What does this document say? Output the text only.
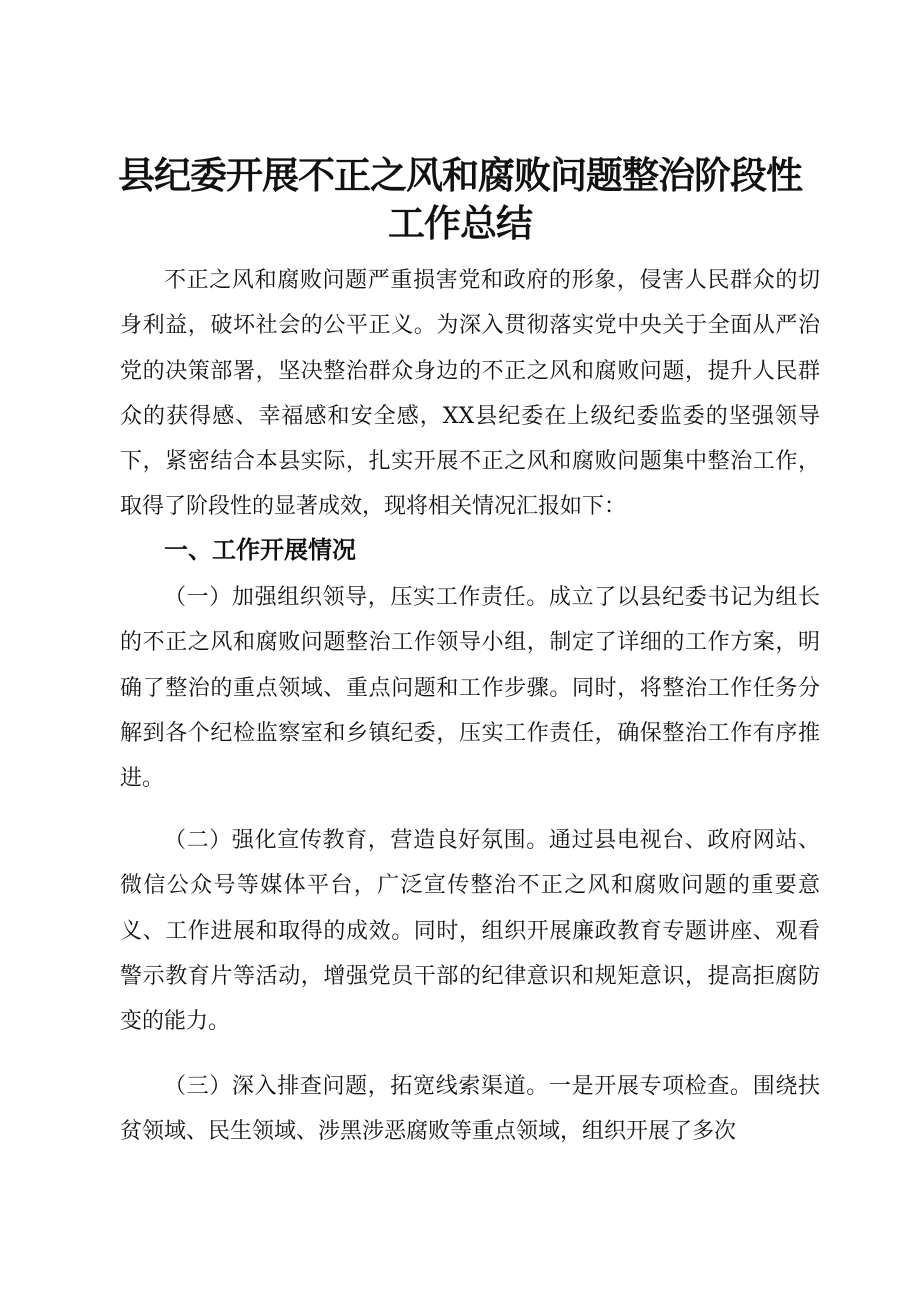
县纪委开展不正之风和腐败问题整治阶段性工作总结

不正之风和腐败问题严重损害党和政府的形象，侵害人民群众的切身利益，破坏社会的公平正义。为深入贯彻落实党中央关于全面从严治党的决策部署，坚决整治群众身边的不正之风和腐败问题，提升人民群众的获得感、幸福感和安全感，XX县纪委在上级纪委监委的坚强领导下，紧密结合本县实际，扎实开展不正之风和腐败问题集中整治工作，取得了阶段性的显著成效，现将相关情况汇报如下：

一、工作开展情况

（一）加强组织领导，压实工作责任。成立了以县纪委书记为组长的不正之风和腐败问题整治工作领导小组，制定了详细的工作方案，明确了整治的重点领域、重点问题和工作步骤。同时，将整治工作任务分解到各个纪检监察室和乡镇纪委，压实工作责任，确保整治工作有序推进。

（二）强化宣传教育，营造良好氛围。通过县电视台、政府网站、微信公众号等媒体平台，广泛宣传整治不正之风和腐败问题的重要意义、工作进展和取得的成效。同时，组织开展廉政教育专题讲座、观看警示教育片等活动，增强党员干部的纪律意识和规矩意识，提高拒腐防变的能力。

（三）深入排查问题，拓宽线索渠道。一是开展专项检查。围绕扶贫领域、民生领域、涉黑涉恶腐败等重点领域，组织开展了多次
